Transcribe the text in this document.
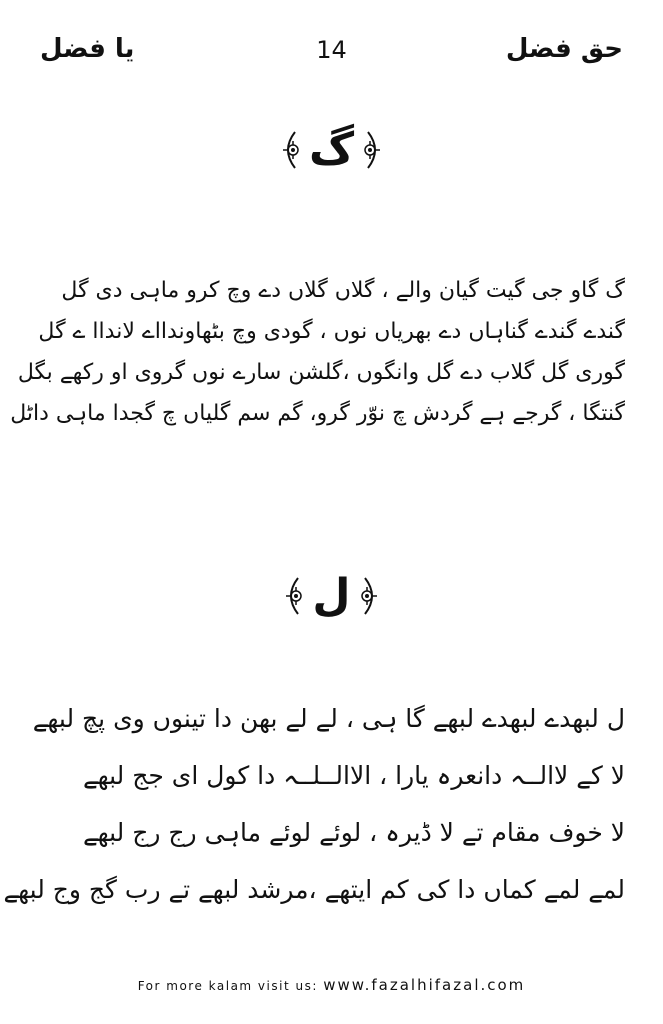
یا فضل	14	حق فضل
گ
گ گاو جی گیت گیان والے ، گلاں گلاں دے وچ کرو ماہی دی گل
گندے گندے گناہاں دے بھریاں نوں ، گودی وچ بٹھاوندااے لانداا ے گل
گوری گل گلاب دے گل وانگوں ،گلشن سارے نوں گروی او رکھے بگل
گنتگا ، گرجے ہے گردش چ نوّر گرو، گم سم گلیاں چ گجدا ماہی داٹل
ل
ل لبھدے لبھدے لبھے گا ہی ، لے لے بھن دا تینوں وی پچ لبھے
لا کے لاالــہ دانعرہ یارا ، الاالــلــہ دا کول ای جج لبھے
لا خوف مقام تے لا ڈیرہ ، لوئے لوئے ماہی رج رج لبھے
لمے لمے کماں دا کی کم ایتھے ،مرشد لبھے تے رب گج وج لبھے
For more kalam visit us: www.fazalhifazal.com
